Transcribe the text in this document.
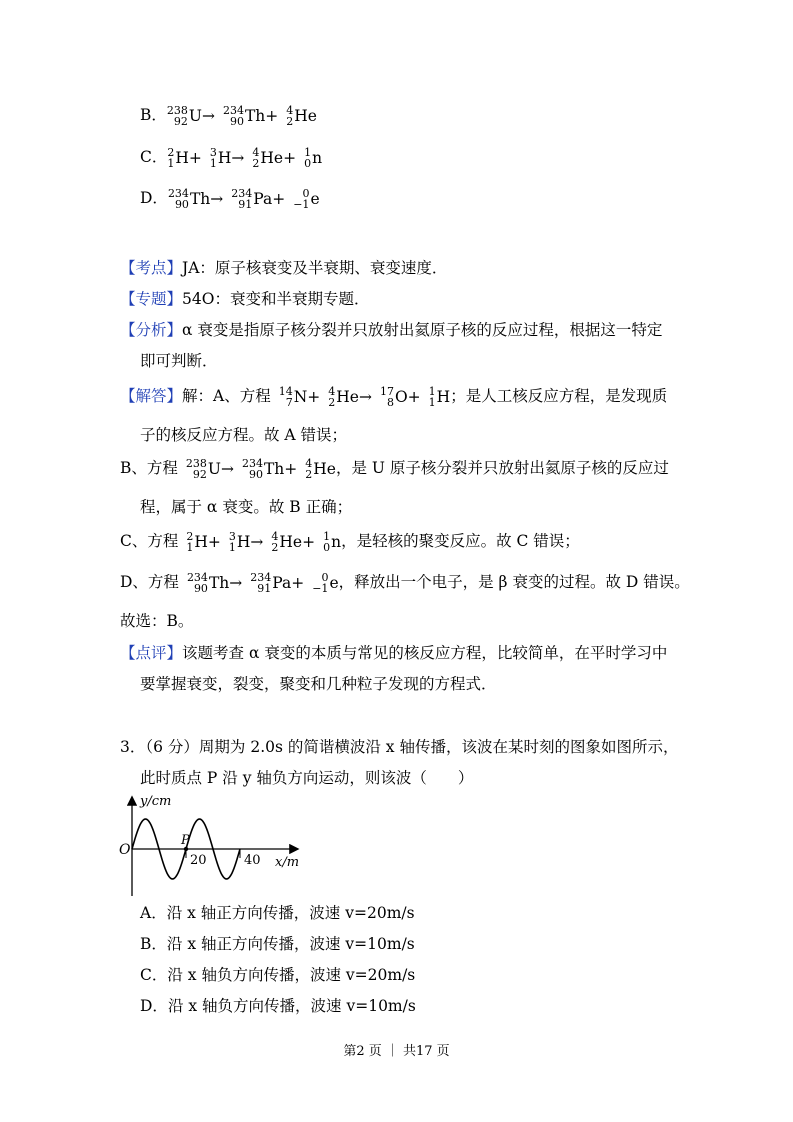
B． 238
92 U→ 234
90 Th+ 4
2 He
C． 2
1 H+ 3
1 H→ 4
2 He+ 1
0 n
D． 234
90 Th→ 234
91 Pa+	0
−1 e
【考点】JA：原子核衰变及半衰期、衰变速度．
【专题】54O：衰变和半衰期专题．
【分析】α 衰变是指原子核分裂并只放射出氦原子核的反应过程，根据这一特定
即可判断．
【解答】解：A、方程 14
7 N+ 4
2 He→ 17
8 O+ 1
1 H；是人工核反应方程，是发现质
子的核反应方程。故 A 错误；
B、方程 238
92 U→ 234
90 Th+ 4
2 He，是 U 原子核分裂并只放射出氦原子核的反应过
程，属于 α 衰变。故 B 正确；
C、方程 2
1 H+ 3
1 H→ 4
2 He+ 1
0 n，是轻核的聚变反应。故 C 错误；
D、方程 234
90 Th→ 234
91 Pa+	0
−1 e，释放出一个电子，是 β 衰变的过程。故 D 错误。
故选：B。
【点评】该题考查 α 衰变的本质与常见的核反应方程，比较简单，在平时学习中
要掌握衰变，裂变，聚变和几种粒子发现的方程式．
3．（6 分）周期为 2.0s 的简谐横波沿 x 轴传播，该波在某时刻的图象如图所示，
此时质点 P 沿 y 轴负方向运动，则该波（　　）
y/cm
O
P
20	40 x/m
A．沿 x 轴正方向传播，波速 v=20m/s
B．沿 x 轴正方向传播，波速 v=10m/s
C．沿 x 轴负方向传播，波速 v=20m/s
D．沿 x 轴负方向传播，波速 v=10m/s
第2 页 ｜ 共17 页
